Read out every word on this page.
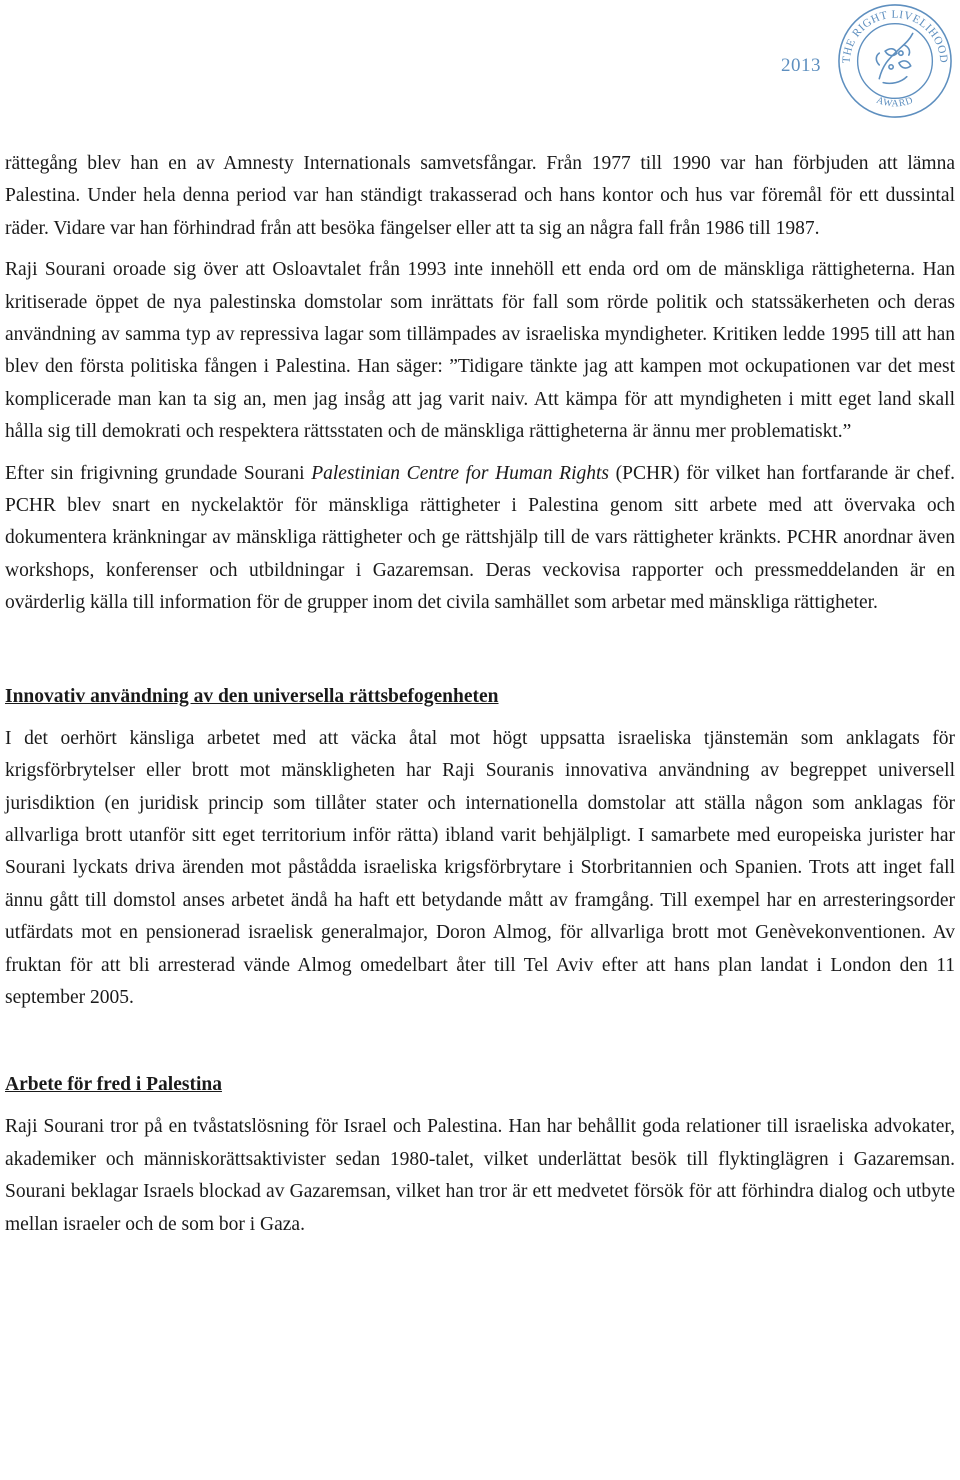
2013 THE RIGHT LIVELIHOOD
AWARD

rättegång blev han en av Amnesty Internationals samvetsfångar. Från 1977 till 1990 var han förbjuden att lämna Palestina. Under hela denna period var han ständigt trakasserad och hans kontor och hus var föremål för ett dussintal räder. Vidare var han förhindrad från att besöka fängelser eller att ta sig an några fall från 1986 till 1987.

Raji Sourani oroade sig över att Osloavtalet från 1993 inte innehöll ett enda ord om de mänskliga rättigheterna. Han kritiserade öppet de nya palestinska domstolar som inrättats för fall som rörde politik och statssäkerheten och deras användning av samma typ av repressiva lagar som tillämpades av israeliska myndigheter. Kritiken ledde 1995 till att han blev den första politiska fången i Palestina. Han säger: ”Tidigare tänkte jag att kampen mot ockupationen var det mest komplicerade man kan ta sig an, men jag insåg att jag varit naiv. Att kämpa för att myndigheten i mitt eget land skall hålla sig till demokrati och respektera rättsstaten och de mänskliga rättigheterna är ännu mer problematiskt.”

Efter sin frigivning grundade Sourani Palestinian Centre for Human Rights (PCHR) för vilket han fortfarande är chef. PCHR blev snart en nyckelaktör för mänskliga rättigheter i Palestina genom sitt arbete med att övervaka och dokumentera kränkningar av mänskliga rättigheter och ge rättshjälp till de vars rättigheter kränkts. PCHR anordnar även workshops, konferenser och utbildningar i Gazaremsan. Deras veckovisa rapporter och pressmeddelanden är en ovärderlig källa till information för de grupper inom det civila samhället som arbetar med mänskliga rättigheter.

Innovativ användning av den universella rättsbefogenheten

I det oerhört känsliga arbetet med att väcka åtal mot högt uppsatta israeliska tjänstemän som anklagats för krigsförbrytelser eller brott mot mänskligheten har Raji Souranis innovativa användning av begreppet universell jurisdiktion (en juridisk princip som tillåter stater och internationella domstolar att ställa någon som anklagas för allvarliga brott utanför sitt eget territorium inför rätta) ibland varit behjälpligt. I samarbete med europeiska jurister har Sourani lyckats driva ärenden mot påstådda israeliska krigsförbrytare i Storbritannien och Spanien. Trots att inget fall ännu gått till domstol anses arbetet ändå ha haft ett betydande mått av framgång. Till exempel har en arresteringsorder utfärdats mot en pensionerad israelisk generalmajor, Doron Almog, för allvarliga brott mot Genèvekonventionen. Av fruktan för att bli arresterad vände Almog omedelbart åter till Tel Aviv efter att hans plan landat i London den 11 september 2005.

Arbete för fred i Palestina

Raji Sourani tror på en tvåstatslösning för Israel och Palestina. Han har behållit goda relationer till israeliska advokater, akademiker och människorättsaktivister sedan 1980-talet, vilket underlättat besök till flyktinglägren i Gazaremsan. Sourani beklagar Israels blockad av Gazaremsan, vilket han tror är ett medvetet försök för att förhindra dialog och utbyte mellan israeler och de som bor i Gaza.
